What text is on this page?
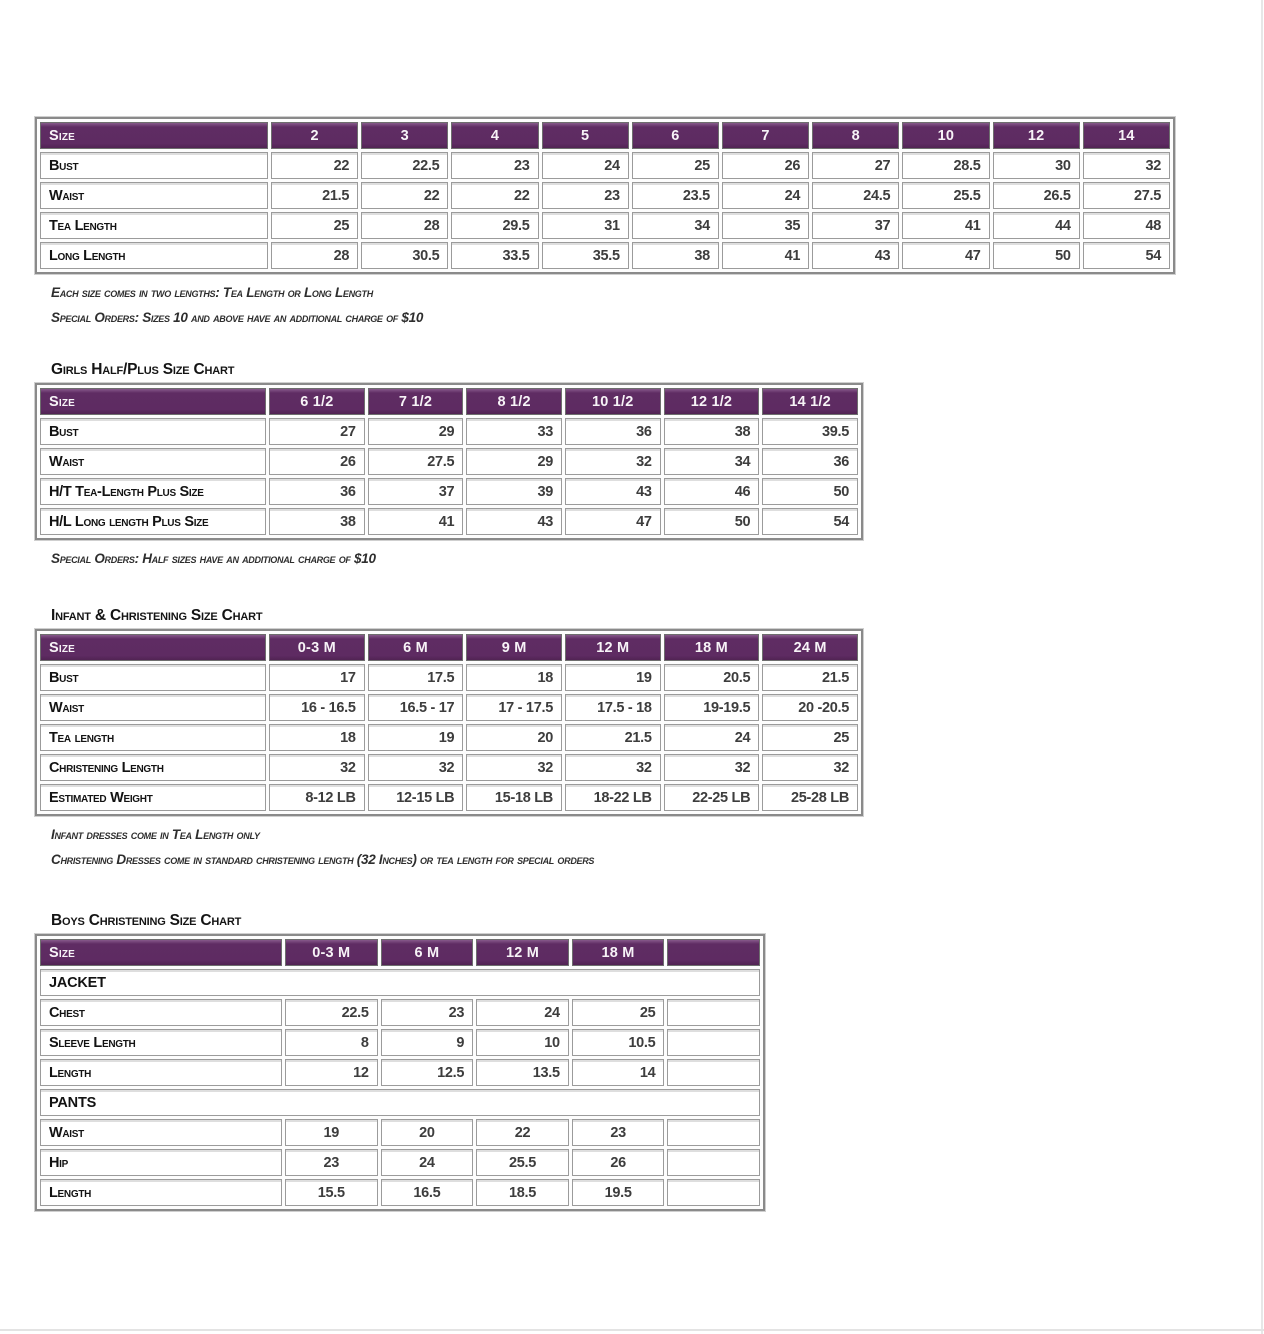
Size	2	3	4	5	6	7	8	10	12	14
Bust	22	22.5	23	24	25	26	27	28.5	30	32
Waist	21.5	22	22	23	23.5	24	24.5	25.5	26.5	27.5
Tea Length	25	28	29.5	31	34	35	37	41	44	48
Long Length	28	30.5	33.5	35.5	38	41	43	47	50	54

Each size comes in two lengths: Tea Length or Long Length

Special Orders: Sizes 10 and above have an additional charge of $10

Girls Half/Plus Size Chart
Size	6 1/2	7 1/2	8 1/2	10 1/2	12 1/2	14 1/2
Bust	27	29	33	36	38	39.5
Waist	26	27.5	29	32	34	36
H/T Tea-Length Plus Size	36	37	39	43	46	50
H/L Long length Plus Size	38	41	43	47	50	54

Special Orders: Half sizes have an additional charge of $10

Infant & Christening Size Chart
Size	0-3 M	6 M	9 M	12 M	18 M	24 M
Bust	17	17.5	18	19	20.5	21.5
Waist	16 - 16.5	16.5 - 17	17 - 17.5	17.5 - 18	19-19.5	20 -20.5
Tea length	18	19	20	21.5	24	25
Christening Length	32	32	32	32	32	32
Estimated Weight	8-12 LB	12-15 LB	15-18 LB	18-22 LB	22-25 LB	25-28 LB

Infant dresses come in Tea Length only

Christening Dresses come in standard christening length (32 Inches) or tea length for special orders

Boys Christening Size Chart
Size	0-3 M	6 M	12 M	18 M	
JACKET					
Chest	22.5	23	24	25	
Sleeve Length	8	9	10	10.5	
Length	12	12.5	13.5	14	
PANTS					
Waist	19	20	22	23	
Hip	23	24	25.5	26	
Length	15.5	16.5	18.5	19.5	
